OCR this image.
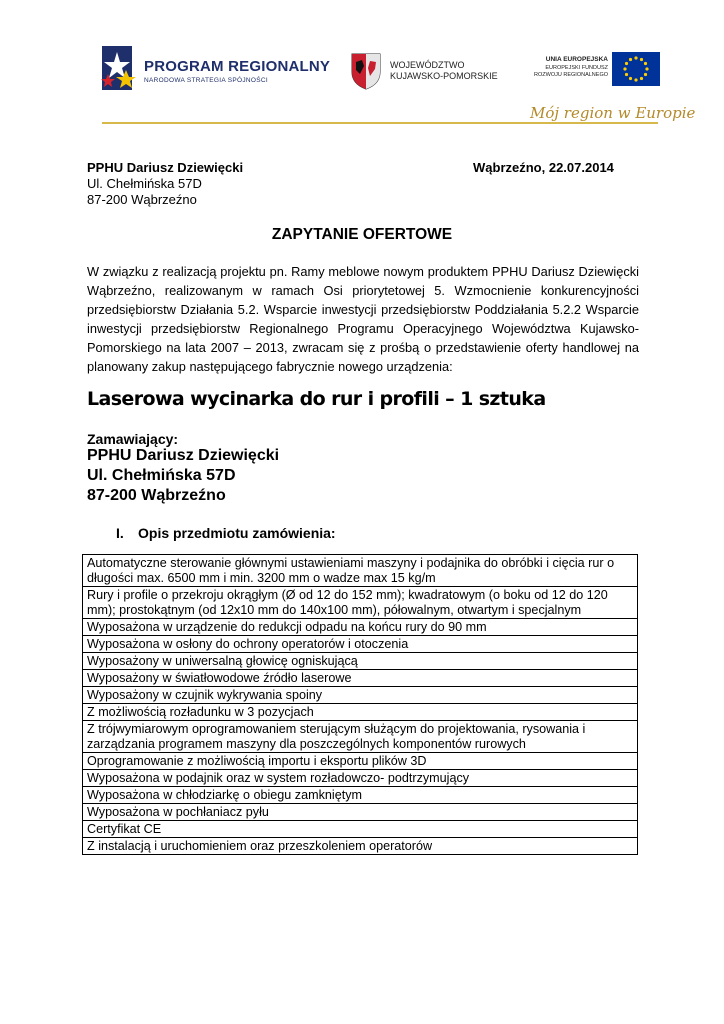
PROGRAM REGIONALNY
NARODOWA STRATEGIA SPÓJNOŚCI
WOJEWÓDZTWO
KUJAWSKO-POMORSKIE
UNIA EUROPEJSKA
EUROPEJSKI FUNDUSZ
ROZWOJU REGIONALNEGO
Mój region w Europie
PPHU Dariusz Dziewięcki
Ul. Chełmińska 57D
87-200 Wąbrzeźno
Wąbrzeźno, 22.07.2014
ZAPYTANIE OFERTOWE
W związku z realizacją projektu pn. Ramy meblowe nowym produktem PPHU Dariusz Dziewięcki Wąbrzeźno, realizowanym w ramach Osi priorytetowej 5. Wzmocnienie konkurencyjności przedsiębiorstw Działania 5.2. Wsparcie inwestycji przedsiębiorstw Poddziałania 5.2.2 Wsparcie inwestycji przedsiębiorstw Regionalnego Programu Operacyjnego Województwa Kujawsko-Pomorskiego na lata 2007 – 2013, zwracam się z prośbą o przedstawienie oferty handlowej na planowany zakup następującego fabrycznie nowego urządzenia:
Laserowa wycinarka do rur i profili – 1 sztuka
Zamawiający:
PPHU Dariusz Dziewięcki
Ul. Chełmińska 57D
87-200 Wąbrzeźno
I. Opis przedmiotu zamówienia:
Automatyczne sterowanie głównymi ustawieniami maszyny i podajnika do obróbki i cięcia rur o długości max. 6500 mm i min. 3200 mm o wadze max 15 kg/m
Rury i profile o przekroju okrągłym (Ø od 12 do 152 mm); kwadratowym (o boku od 12 do 120 mm); prostokątnym (od 12x10 mm do 140x100 mm), półowalnym, otwartym i specjalnym
Wyposażona w urządzenie do redukcji odpadu na końcu rury do 90 mm
Wyposażona w osłony do ochrony operatorów i otoczenia
Wyposażony w uniwersalną głowicę ogniskującą
Wyposażony w światłowodowe źródło laserowe
Wyposażony w czujnik wykrywania spoiny
Z możliwością rozładunku w 3 pozycjach
Z trójwymiarowym oprogramowaniem sterującym służącym do projektowania, rysowania i zarządzania programem maszyny dla poszczególnych komponentów rurowych
Oprogramowanie z możliwością importu i eksportu plików 3D
Wyposażona w podajnik oraz w system rozładowczo- podtrzymujący
Wyposażona w chłodziarkę o obiegu zamkniętym
Wyposażona w pochłaniacz pyłu
Certyfikat CE
Z instalacją i uruchomieniem oraz przeszkoleniem operatorów
